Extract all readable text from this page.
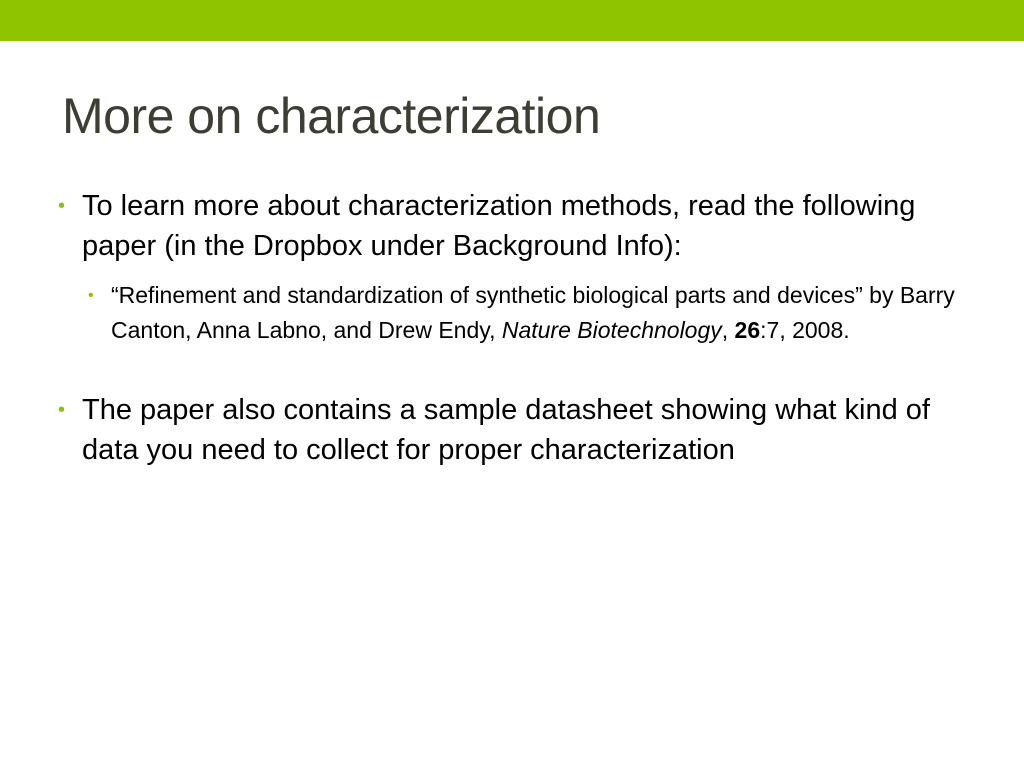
More on characterization
• To learn more about characterization methods, read the following paper (in the Dropbox under Background Info):
• “Refinement and standardization of synthetic biological parts and devices” by Barry Canton, Anna Labno, and Drew Endy, Nature Biotechnology, 26:7, 2008.
• The paper also contains a sample datasheet showing what kind of data you need to collect for proper characterization
